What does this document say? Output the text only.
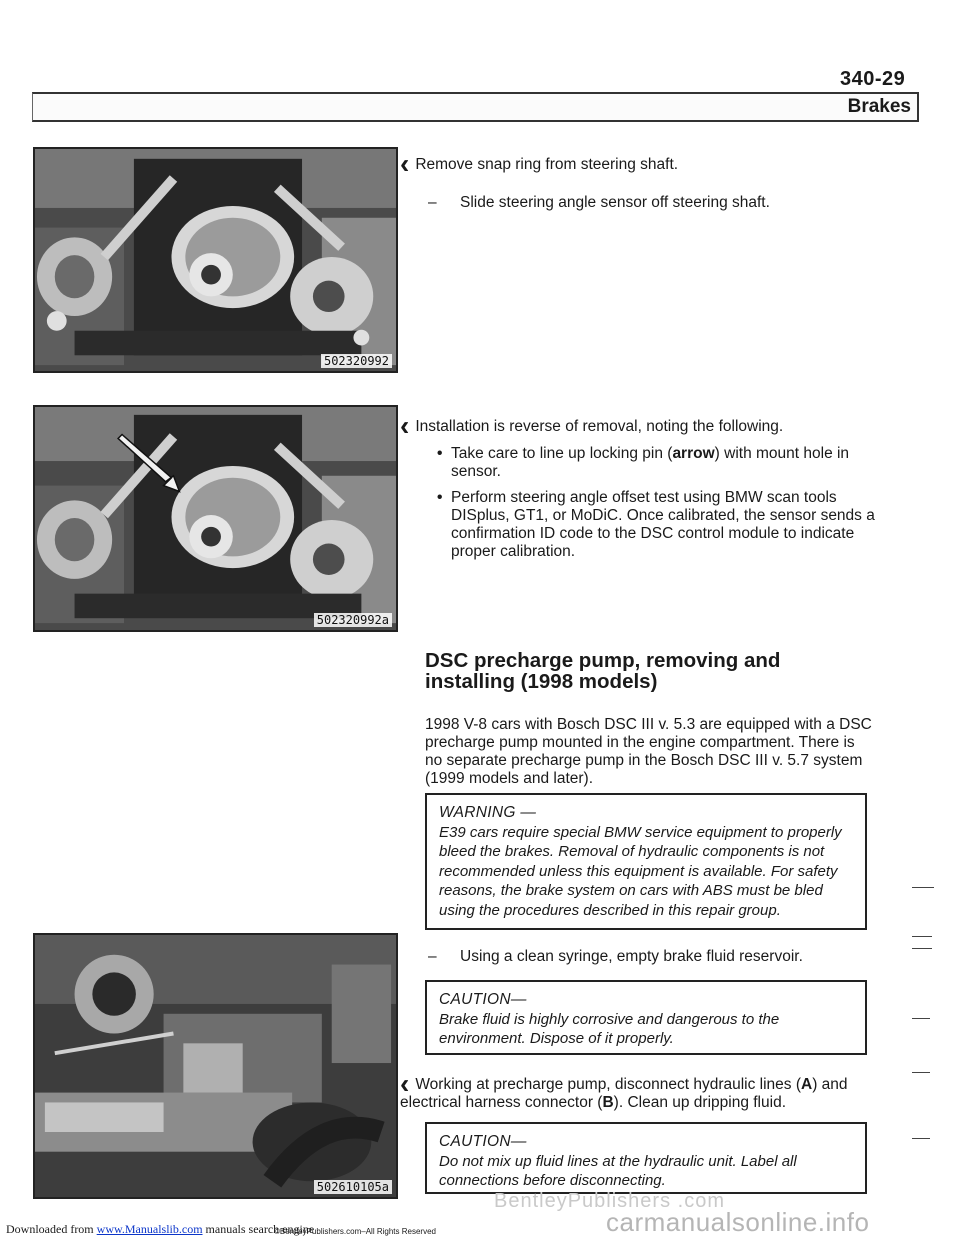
340-29
Brakes
502320992
502320992a
502610105a
‹ Remove snap ring from steering shaft.
– Slide steering angle sensor off steering shaft.
‹ Installation is reverse of removal, noting the following.
• Take care to line up locking pin (arrow) with mount hole in sensor.
• Perform steering angle offset test using BMW scan tools DISplus, GT1, or MoDiC. Once calibrated, the sensor sends a confirmation ID code to the DSC control module to indicate proper calibration.
DSC precharge pump, removing and
installing (1998 models)
1998 V-8 cars with Bosch DSC III v. 5.3 are equipped with a DSC precharge pump mounted in the engine compartment. There is no separate precharge pump in the Bosch DSC III v. 5.7 system (1999 models and later).
WARNING —
E39 cars require special BMW service equipment to properly bleed the brakes. Removal of hydraulic components is not recommended unless this equipment is available. For safety reasons, the brake system on cars with ABS must be bled using the procedures described in this repair group.
– Using a clean syringe, empty brake fluid reservoir.
CAUTION—
Brake fluid is highly corrosive and dangerous to the environment. Dispose of it properly.
‹ Working at precharge pump, disconnect hydraulic lines (A) and electrical harness connector (B). Clean up dripping fluid.
CAUTION—
Do not mix up fluid lines at the hydraulic unit. Label all connections before disconnecting.
Downloaded from www.Manualslib.com manuals search engine
©BentleyPublishers.com–All Rights Reserved
BentleyPublishers .com
carmanualsonline.info
